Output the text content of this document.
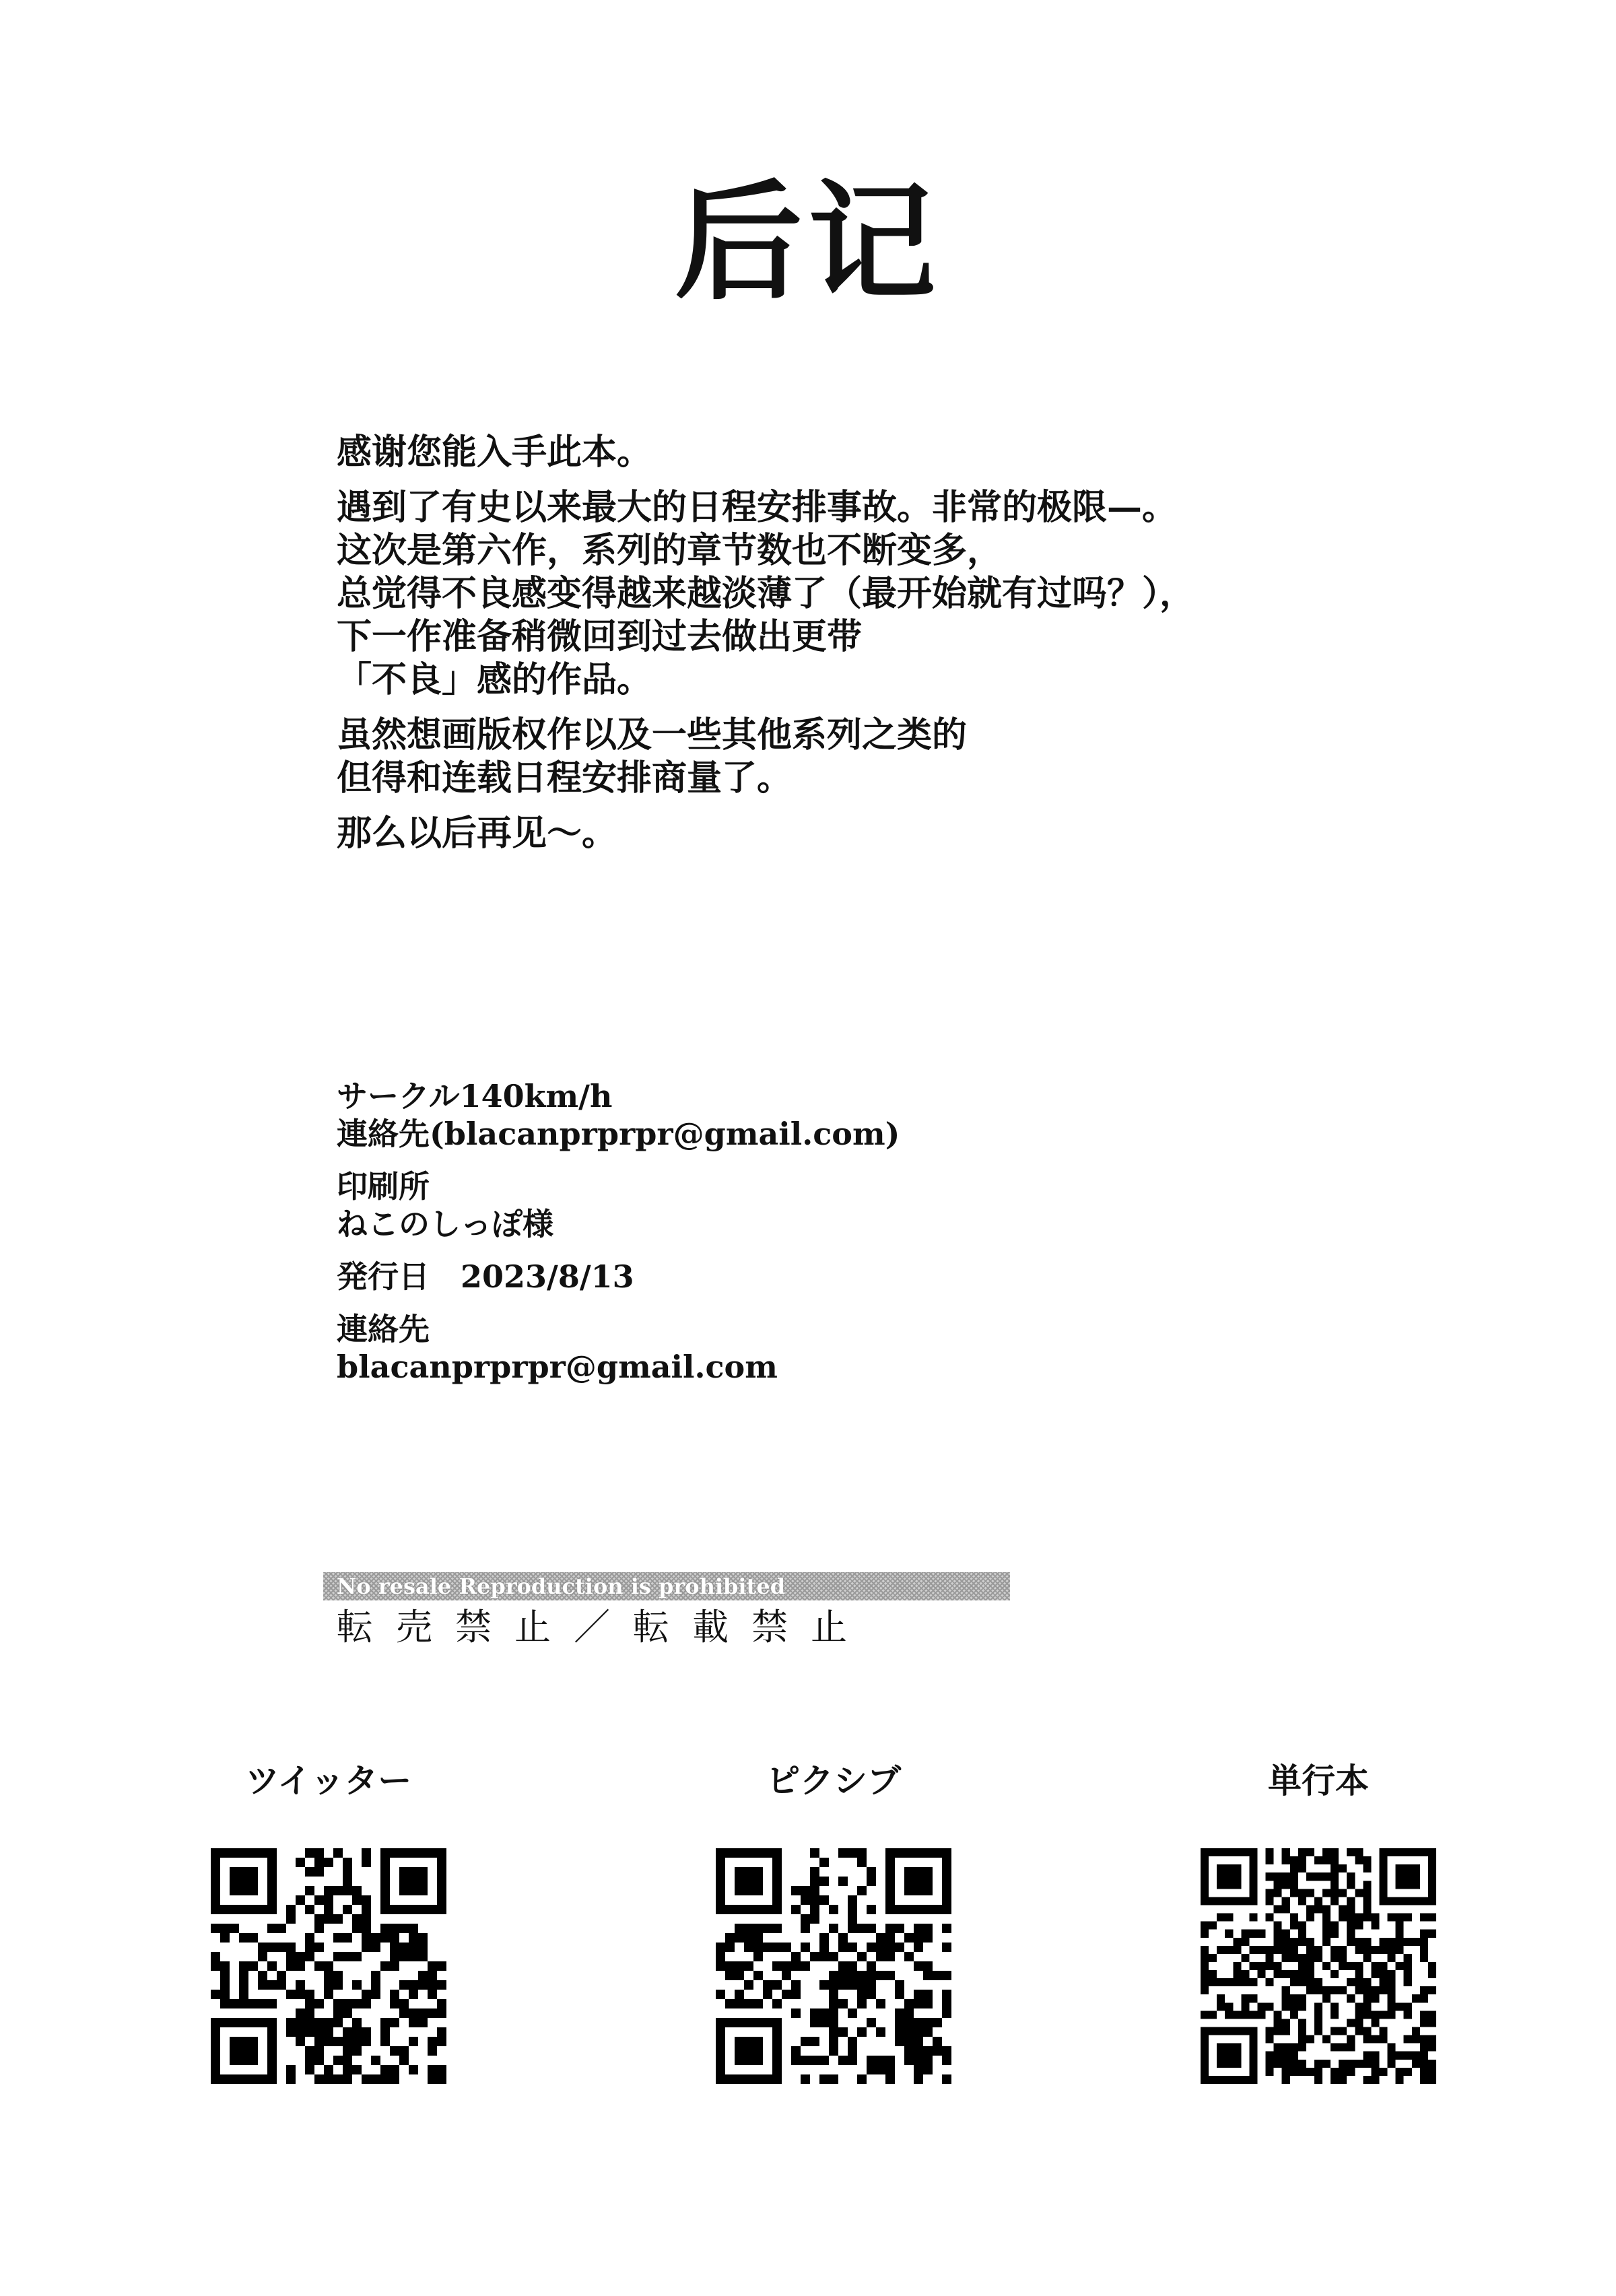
后记

感谢您能入手此本。

遇到了有史以来最大的日程安排事故。非常的极限—。
这次是第六作，系列的章节数也不断变多，
总觉得不良感变得越来越淡薄了（最开始就有过吗？），
下一作准备稍微回到过去做出更带
「不良」感的作品。

虽然想画版权作以及一些其他系列之类的
但得和连载日程安排商量了。

那么以后再见～。

サークル140km/h
連絡先(blacanprprpr@gmail.com)
印刷所
ねこのしっぽ様
発行日 2023/8/13
連絡先
blacanprprpr@gmail.com
No resale Reproduction is prohibited
転売禁止／転載禁止
ツイッター	ピクシブ	単行本
